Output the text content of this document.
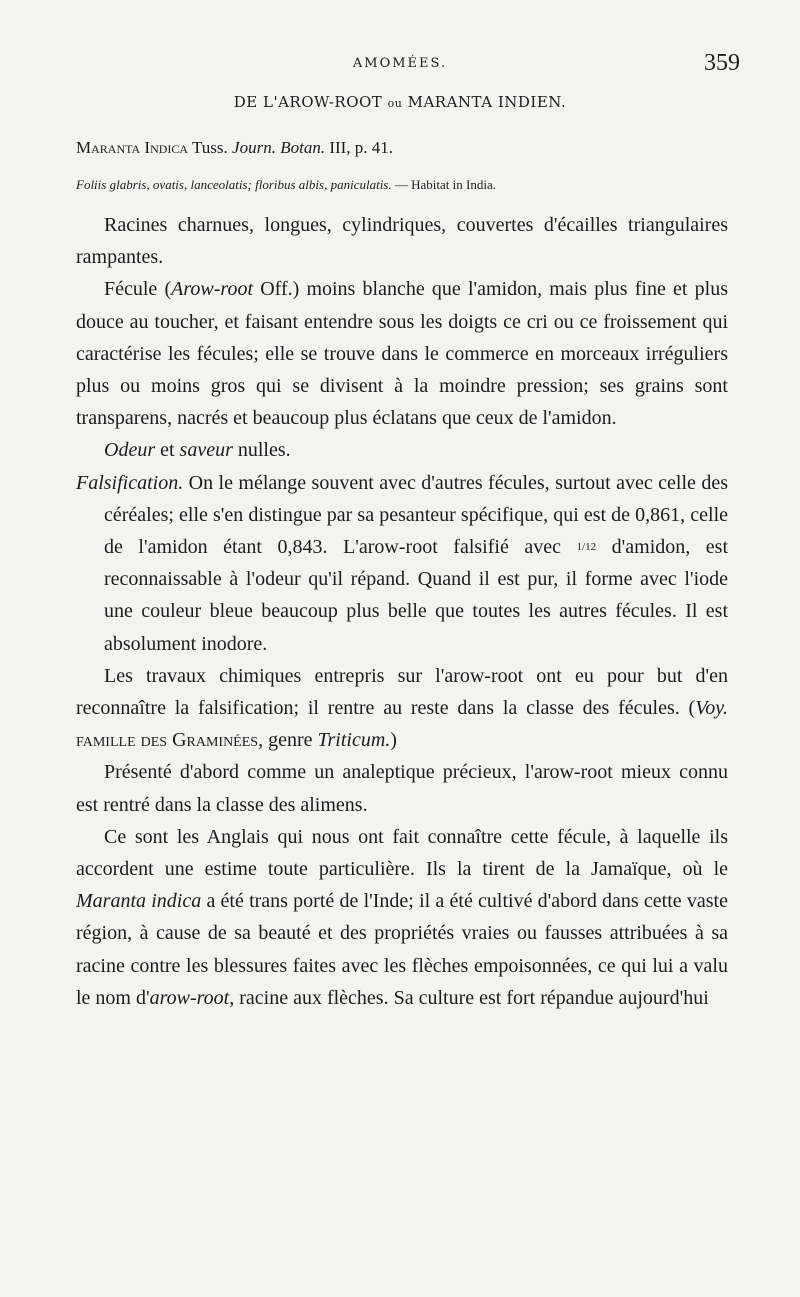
AMOMÉES.	359
DE L'AROW-ROOT ou MARANTA INDIEN.

Maranta Indica Tuss. Journ. Botan. III, p. 41.

Foliis glabris, ovatis, lanceolatis; floribus albis, paniculatis. — Habitat in India.

Racines charnues, longues, cylindriques, couvertes d'écailles triangulaires rampantes.

Fécule (Arow-root Off.) moins blanche que l'amidon, mais plus fine et plus douce au toucher, et faisant entendre sous les doigts ce cri ou ce froissement qui caractérise les fécules; elle se trouve dans le commerce en morceaux irréguliers plus ou moins gros qui se divisent à la moindre pression; ses grains sont transparens, nacrés et beaucoup plus éclatans que ceux de l'amidon.

Odeur et saveur nulles.

Falsification. On le mélange souvent avec d'autres fécules, surtout avec celle des céréales; elle s'en distingue par sa pesanteur spécifique, qui est de 0,861, celle de l'amidon étant 0,843. L'arow-root falsifié avec 1/12 d'amidon, est reconnaissable à l'odeur qu'il répand. Quand il est pur, il forme avec l'iode une couleur bleue beaucoup plus belle que toutes les autres fécules. Il est absolument inodore.

Les travaux chimiques entrepris sur l'arow-root ont eu pour but d'en reconnaître la falsification; il rentre au reste dans la classe des fécules. (Voy. famille des Graminées, genre Triticum.)

Présenté d'abord comme un analeptique précieux, l'arow-root mieux connu est rentré dans la classe des alimens.

Ce sont les Anglais qui nous ont fait connaître cette fécule, à laquelle ils accordent une estime toute particulière. Ils la tirent de la Jamaïque, où le Maranta indica a été trans porté de l'Inde; il a été cultivé d'abord dans cette vaste région, à cause de sa beauté et des propriétés vraies ou fausses attribuées à sa racine contre les blessures faites avec les flèches empoisonnées, ce qui lui a valu le nom d'arow-root, racine aux flèches. Sa culture est fort répandue aujourd'hui
